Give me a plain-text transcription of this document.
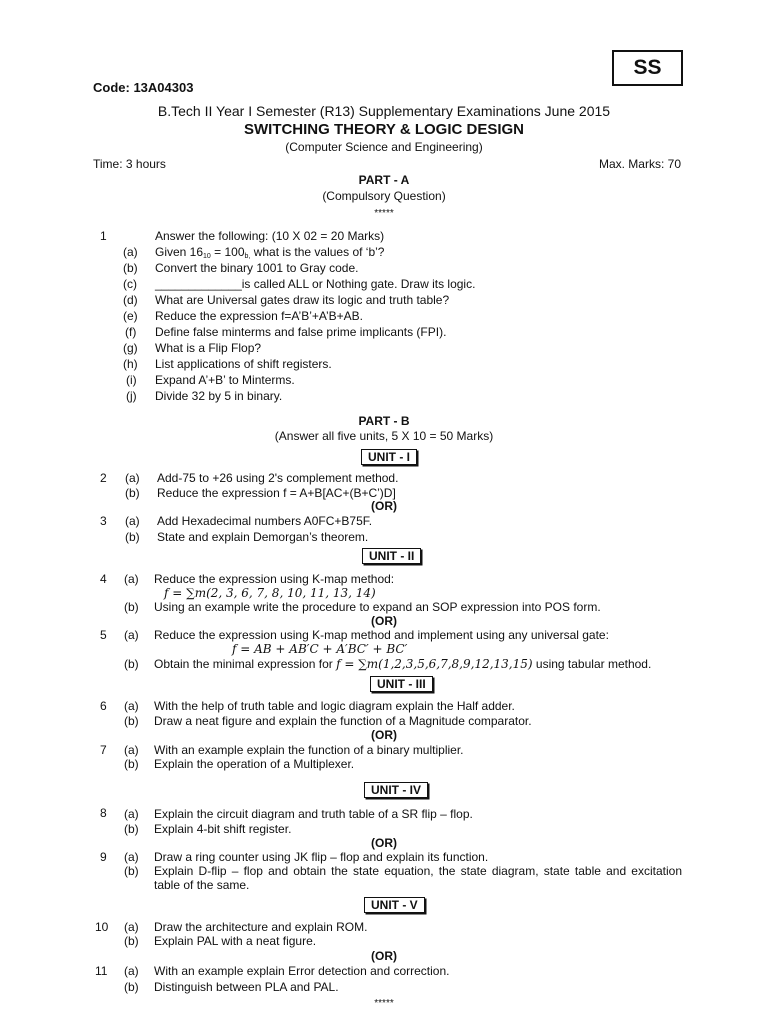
SS
Code: 13A04303
B.Tech II Year I Semester (R13) Supplementary Examinations June 2015
SWITCHING THEORY & LOGIC DESIGN
(Computer Science and Engineering)
Time: 3 hours	Max. Marks: 70
PART - A
(Compulsory Question)
*****
1	Answer the following: (10 X 02 = 20 Marks)
(a) Given $16_{10} = 100_{b,}$ what is the values of ‘b’?
(b) Convert the binary 1001 to Gray code.
(c) _____________is called ALL or Nothing gate. Draw its logic.
(d) What are Universal gates draw its logic and truth table?
(e) Reduce the expression f=A’B’+A’B+AB.
(f) Define false minterms and false prime implicants (FPI).
(g) What is a Flip Flop?
(h) List applications of shift registers.
(i) Expand A’+B’ to Minterms.
(j) Divide 32 by 5 in binary.
PART - B
(Answer all five units, 5 X 10 = 50 Marks)
UNIT - I
2 (a) Add-75 to +26 using 2's complement method.
(b) Reduce the expression f = A+B[AC+(B+C’)D]
(OR)
3 (a) Add Hexadecimal numbers A0FC+B75F.
(b) State and explain Demorgan’s theorem.
UNIT - II
4 (a) Reduce the expression using K-map method:
f = ∑m(2, 3, 6, 7, 8, 10, 11, 13, 14)
(b) Using an example write the procedure to expand an SOP expression into POS form.
(OR)
5 (a) Reduce the expression using K-map method and implement using any universal gate:
f = AB + AB′C + A′BC′ + BC′
(b) Obtain the minimal expression for f = ∑m(1,2,3,5,6,7,8,9,12,13,15) using tabular method.
UNIT - III
6 (a) With the help of truth table and logic diagram explain the Half adder.
(b) Draw a neat figure and explain the function of a Magnitude comparator.
(OR)
7 (a) With an example explain the function of a binary multiplier.
(b) Explain the operation of a Multiplexer.
UNIT - IV
8 (a) Explain the circuit diagram and truth table of a SR flip – flop.
(b) Explain 4-bit shift register.
(OR)
9 (a) Draw a ring counter using JK flip – flop and explain its function.
(b) Explain D-flip – flop and obtain the state equation, the state diagram, state table and excitation table of the same.
UNIT - V
10 (a) Draw the architecture and explain ROM.
(b) Explain PAL with a neat figure.
(OR)
11 (a) With an example explain Error detection and correction.
(b) Distinguish between PLA and PAL.
*****
